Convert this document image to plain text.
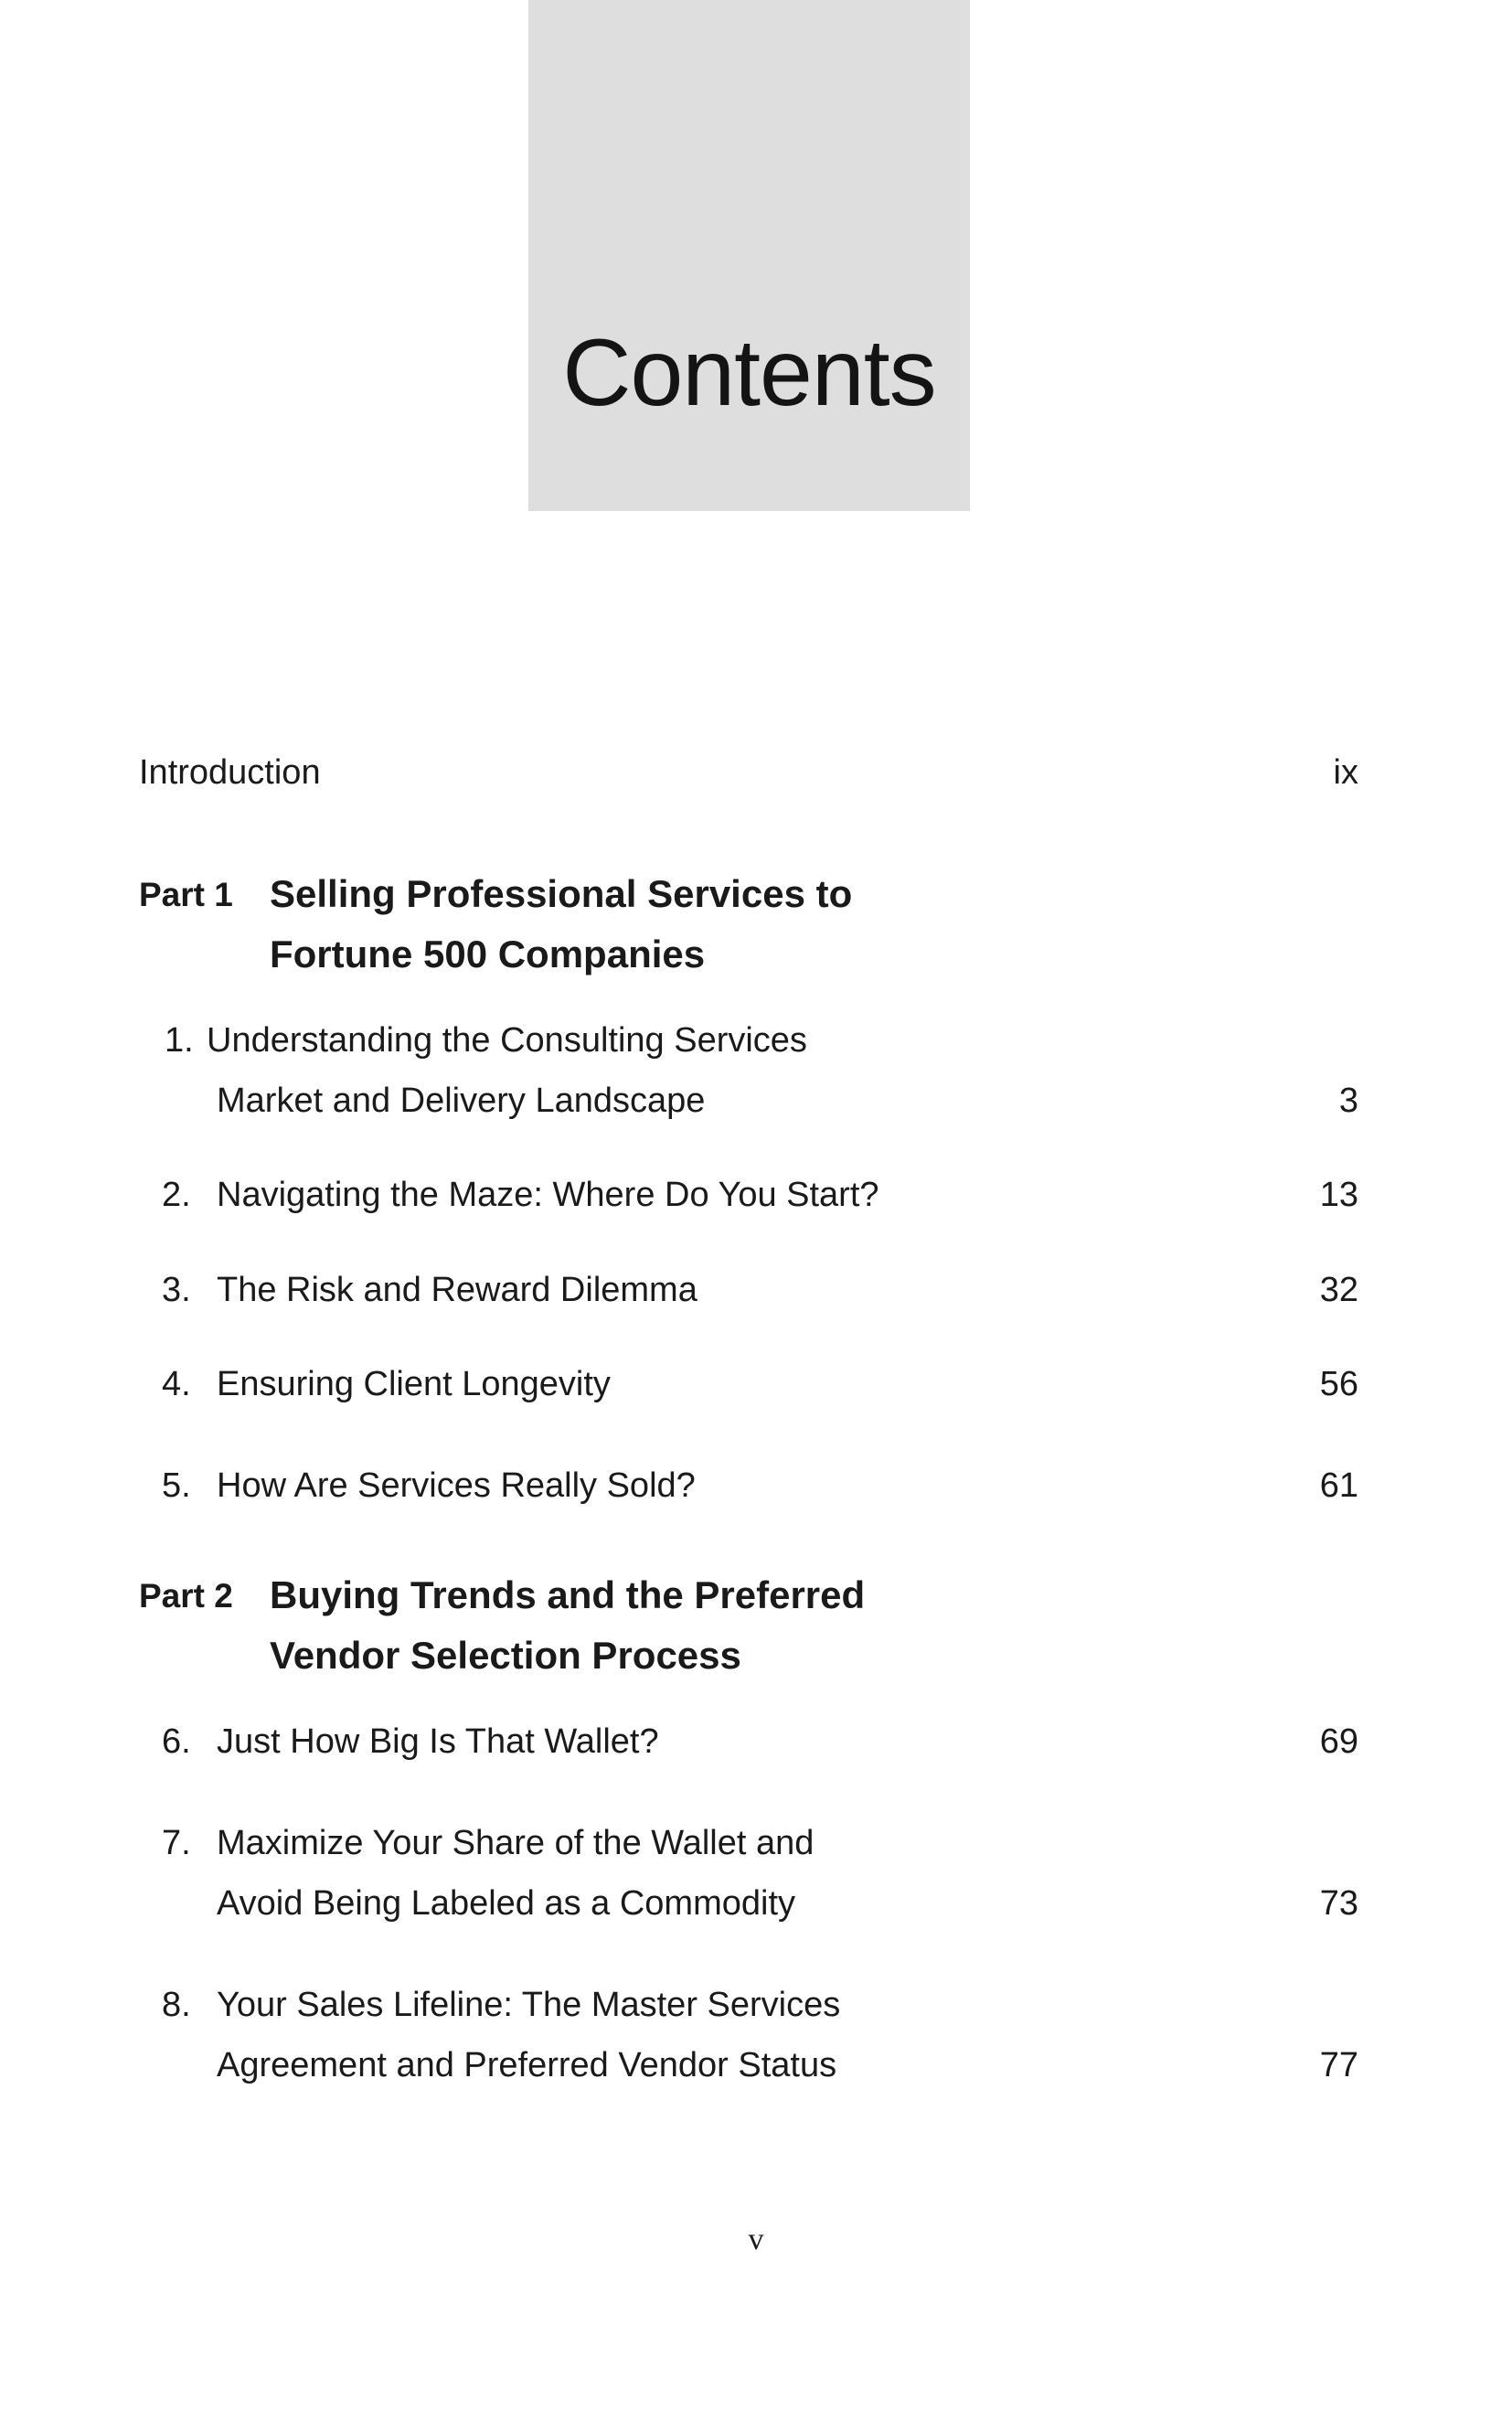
Contents
Introduction	ix
Part 1 Selling Professional Services to
Fortune 500 Companies
1. Understanding the Consulting Services
Market and Delivery Landscape	3
2. Navigating the Maze: Where Do You Start?	13
3. The Risk and Reward Dilemma	32
4. Ensuring Client Longevity	56
5. How Are Services Really Sold?	61
Part 2 Buying Trends and the Preferred
Vendor Selection Process
6. Just How Big Is That Wallet?	69
7. Maximize Your Share of the Wallet and
Avoid Being Labeled as a Commodity	73
8. Your Sales Lifeline: The Master Services
Agreement and Preferred Vendor Status	77
v
